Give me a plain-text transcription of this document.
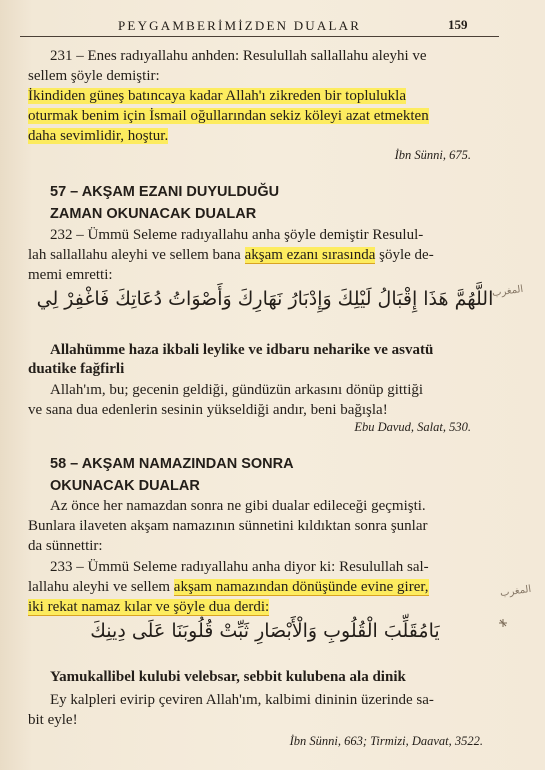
PEYGAMBERİMİZDEN DUALAR	159
231 – Enes radıyallahu anhden: Resulullah sallallahu aleyhi ve
sellem şöyle demiştir:
İkindiden güneş batıncaya kadar Allah'ı zikreden bir toplulukla
oturmak benim için İsmail oğullarından sekiz köleyi azat etmekten
daha sevimlidir, hoştur.
İbn Sünni, 675.
57 – AKŞAM EZANI DUYULDUĞU
ZAMAN OKUNACAK DUALAR
232 – Ümmü Seleme radıyallahu anha şöyle demiştir Resulul-
lah sallallahu aleyhi ve sellem bana akşam ezanı sırasında şöyle de-
memi emretti:
اللَّهُمَّ هَذَا إِقْبَالُ لَيْلِكَ وَإِدْبَارُ نَهَارِكَ وَأَصْوَاتُ دُعَاتِكَ فَاغْفِرْ لِي
Allahümme haza ikbali leylike ve idbaru neharike ve asvatü
duatike fağfirli
Allah'ım, bu; gecenin geldiği, gündüzün arkasını dönüp gittiği
ve sana dua edenlerin sesinin yükseldiği andır, beni bağışla!
Ebu Davud, Salat, 530.
58 – AKŞAM NAMAZINDAN SONRA
OKUNACAK DUALAR
Az önce her namazdan sonra ne gibi dualar edileceği geçmişti.
Bunlara ilaveten akşam namazının sünnetini kıldıktan sonra şunlar
da sünnettir:
233 – Ümmü Seleme radıyallahu anha diyor ki: Resulullah sal-
lallahu aleyhi ve sellem akşam namazından dönüşünde evine girer,
iki rekat namaz kılar ve şöyle dua derdi:
يَامُقَلِّبَ الْقُلُوبِ وَالْأَبْصَارِ ثَبِّتْ قُلُوبَنَا عَلَى دِينِكَ
Yamukallibel kulubi velebsar, sebbit kulubena ala dinik
Ey kalpleri evirip çeviren Allah'ım, kalbimi dininin üzerinde sa-
bit eyle!
İbn Sünni, 663; Tirmizi, Daavat, 3522.
المغرب
المغرب
